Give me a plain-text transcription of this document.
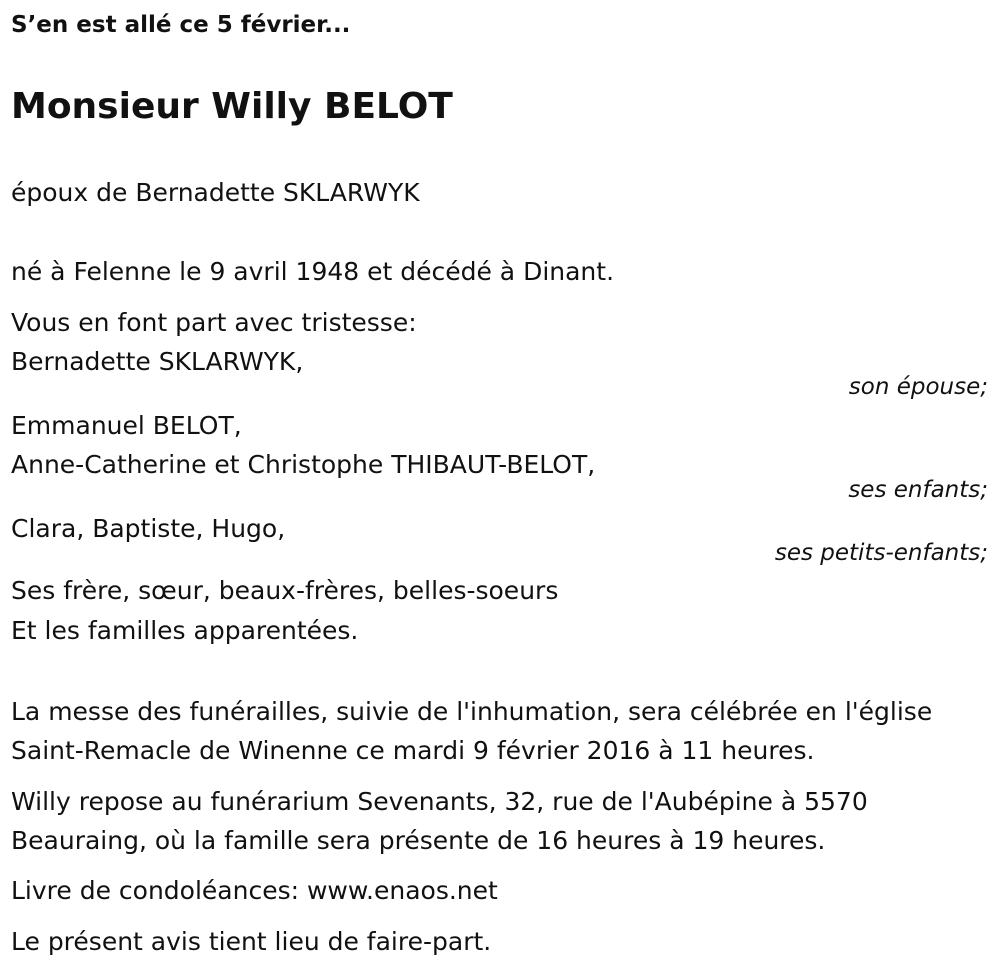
S’en est allé ce 5 février...
Monsieur Willy BELOT
époux de Bernadette SKLARWYK
né à Felenne le 9 avril 1948 et décédé à Dinant.
Vous en font part avec tristesse:
Bernadette SKLARWYK,
son épouse;
Emmanuel BELOT,
Anne-Catherine et Christophe THIBAUT-BELOT,
ses enfants;
Clara, Baptiste, Hugo,
ses petits-enfants;
Ses frère, sœur, beaux-frères, belles-soeurs
Et les familles apparentées.
La messe des funérailles, suivie de l'inhumation, sera célébrée en l'église
Saint-Remacle de Winenne ce mardi 9 février 2016 à 11 heures.
Willy repose au funérarium Sevenants, 32, rue de l'Aubépine à 5570
Beauraing, où la famille sera présente de 16 heures à 19 heures.
Livre de condoléances: www.enaos.net
Le présent avis tient lieu de faire-part.
